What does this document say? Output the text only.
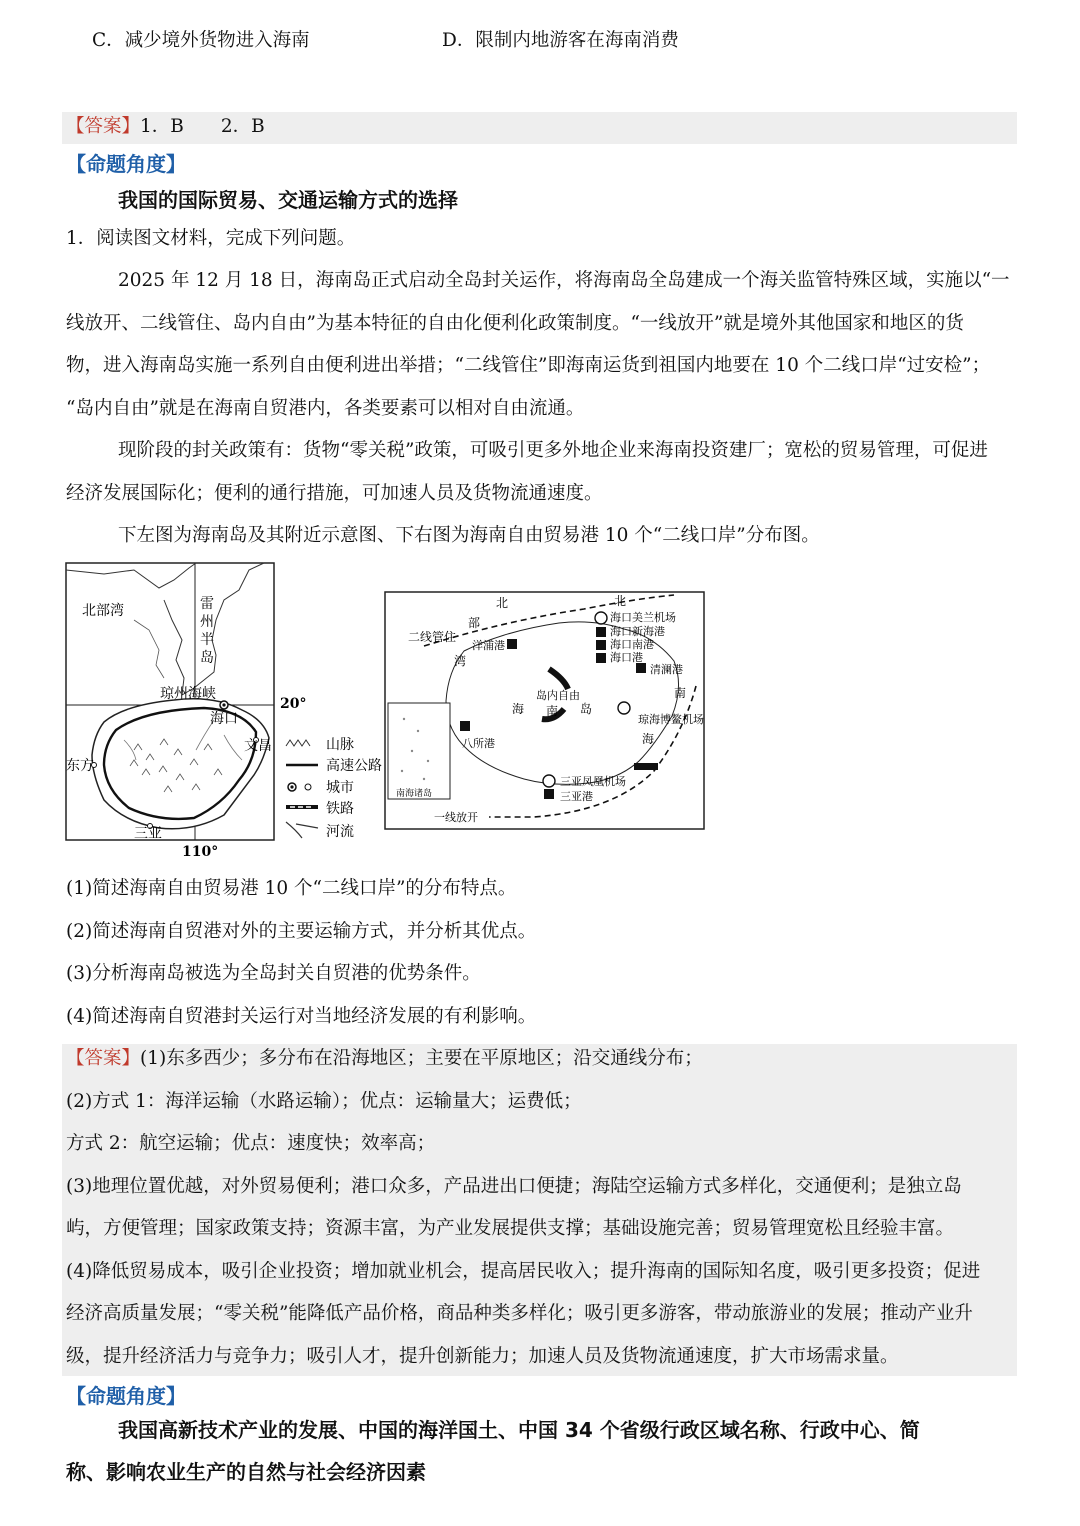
C．减少境外货物进入海南	D．限制内地游客在海南消费
【答案】1．B　　2．B
【命题角度】
我国的国际贸易、交通运输方式的选择
1．阅读图文材料，完成下列问题。
2025 年 12 月 18 日，海南岛正式启动全岛封关运作，将海南岛全岛建成一个海关监管特殊区域，实施以“一
线放开、二线管住、岛内自由”为基本特征的自由化便利化政策制度。“一线放开”就是境外其他国家和地区的货
物，进入海南岛实施一系列自由便利进出举措；“二线管住”即海南运货到祖国内地要在 10 个二线口岸“过安检”；
“岛内自由”就是在海南自贸港内，各类要素可以相对自由流通。
现阶段的封关政策有：货物“零关税”政策，可吸引更多外地企业来海南投资建厂；宽松的贸易管理，可促进
经济发展国际化；便利的通行措施，可加速人员及货物流通速度。
下左图为海南岛及其附近示意图、下右图为海南自由贸易港 10 个“二线口岸”分布图。
北部湾	雷
州
半
岛
琼州海峡
海口
文昌
东方
三亚
20°
110°
山脉
高速公路
城市
铁路
河流
南海诸岛
北	北
部
湾
二线管住
洋浦港
海口美兰机场
海口新海港
海口南港
海口港
清澜港
南
琼海博鳌机场
海
岛内自由
海 南 岛
八所港
三亚凤凰机场
三亚港
一线放开
(1)简述海南自由贸易港 10 个“二线口岸”的分布特点。
(2)简述海南自贸港对外的主要运输方式，并分析其优点。
(3)分析海南岛被选为全岛封关自贸港的优势条件。
(4)简述海南自贸港封关运行对当地经济发展的有利影响。
【答案】(1)东多西少；多分布在沿海地区；主要在平原地区；沿交通线分布；
(2)方式 1：海洋运输（水路运输）；优点：运输量大；运费低；
方式 2：航空运输；优点：速度快；效率高；
(3)地理位置优越，对外贸易便利；港口众多，产品进出口便捷；海陆空运输方式多样化，交通便利；是独立岛
屿，方便管理；国家政策支持；资源丰富，为产业发展提供支撑；基础设施完善；贸易管理宽松且经验丰富。
(4)降低贸易成本，吸引企业投资；增加就业机会，提高居民收入；提升海南的国际知名度，吸引更多投资；促进
经济高质量发展；“零关税”能降低产品价格，商品种类多样化；吸引更多游客，带动旅游业的发展；推动产业升
级，提升经济活力与竞争力；吸引人才，提升创新能力；加速人员及货物流通速度，扩大市场需求量。
【命题角度】
我国高新技术产业的发展、中国的海洋国土、中国 34 个省级行政区域名称、行政中心、简
称、影响农业生产的自然与社会经济因素
